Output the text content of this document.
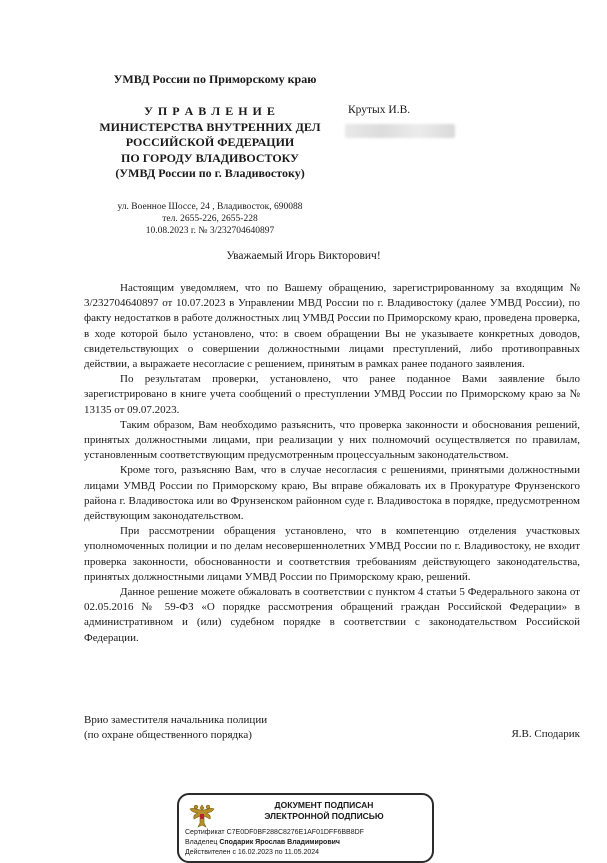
УМВД России по Приморскому краю
У П Р А В Л Е Н И Е
МИНИСТЕРСТВА ВНУТРЕННИХ ДЕЛ
РОССИЙСКОЙ ФЕДЕРАЦИИ
ПО ГОРОДУ ВЛАДИВОСТОКУ
(УМВД России по г. Владивостоку)
ул. Военное Шоссе, 24 , Владивосток, 690088
тел. 2655-226, 2655-228
10.08.2023 г. № 3/232704640897
Крутых И.В.
Уважаемый Игорь Викторович!

Настоящим уведомляем, что по Вашему обращению, зарегистрированному за входящим № 3/232704640897 от 10.07.2023 в Управлении МВД России по г. Владивостоку (далее УМВД России), по факту недостатков в работе должностных лиц УМВД России по Приморскому краю, проведена проверка, в ходе которой было установлено, что: в своем обращении Вы не указываете конкретных доводов, свидетельствующих о совершении должностными лицами преступлений, либо противоправных действии, а выражаете несогласие с решением, принятым в рамках ранее поданого заявления.

По результатам проверки, установлено, что ранее поданное Вами заявление было зарегистрировано в книге учета сообщений о преступлении УМВД России по Приморскому краю за № 13135 от 09.07.2023.

Таким образом, Вам необходимо разъяснить, что проверка законности и обоснования решений, принятых должностными лицами, при реализации у них полномочий осуществляется по правилам, установленным соответствующим предусмотренным процессуальным законодательством.

Кроме того, разъясняю Вам, что в случае несогласия с решениями, принятыми должностными лицами УМВД России по Приморскому краю, Вы вправе обжаловать их в Прокуратуре Фрунзенского района г. Владивостока или во Фрунзенском районном суде г. Владивостока в порядке, предусмотренном действующим законодательством.

При рассмотрении обращения установлено, что в компетенцию отделения участковых уполномоченных полиции и по делам несовершеннолетних УМВД России по г. Владивостоку, не входит проверка законности, обоснованности и соответствия требованиям действующего законодательства, принятых должностными лицами УМВД России по Приморскому краю, решений.

Данное решение можете обжаловать в соответствии с пунктом 4 статьи 5 Федерального закона от 02.05.2016 № 59-ФЗ «О порядке рассмотрения обращений граждан Российской Федерации» в административном и (или) судебном порядке в соответствии с законодательством Российской Федерации.

Врио заместителя начальника полиции
(по охране общественного порядка)	Я.В. Сподарик
ДОКУМЕНТ ПОДПИСАН
ЭЛЕКТРОННОЙ ПОДПИСЬЮ
Сертификат C7E0DF0BF288C8276E1AF01DFF6BB8DF
Владелец Сподарик Ярослав Владимирович
Действителен с 16.02.2023 по 11.05.2024
